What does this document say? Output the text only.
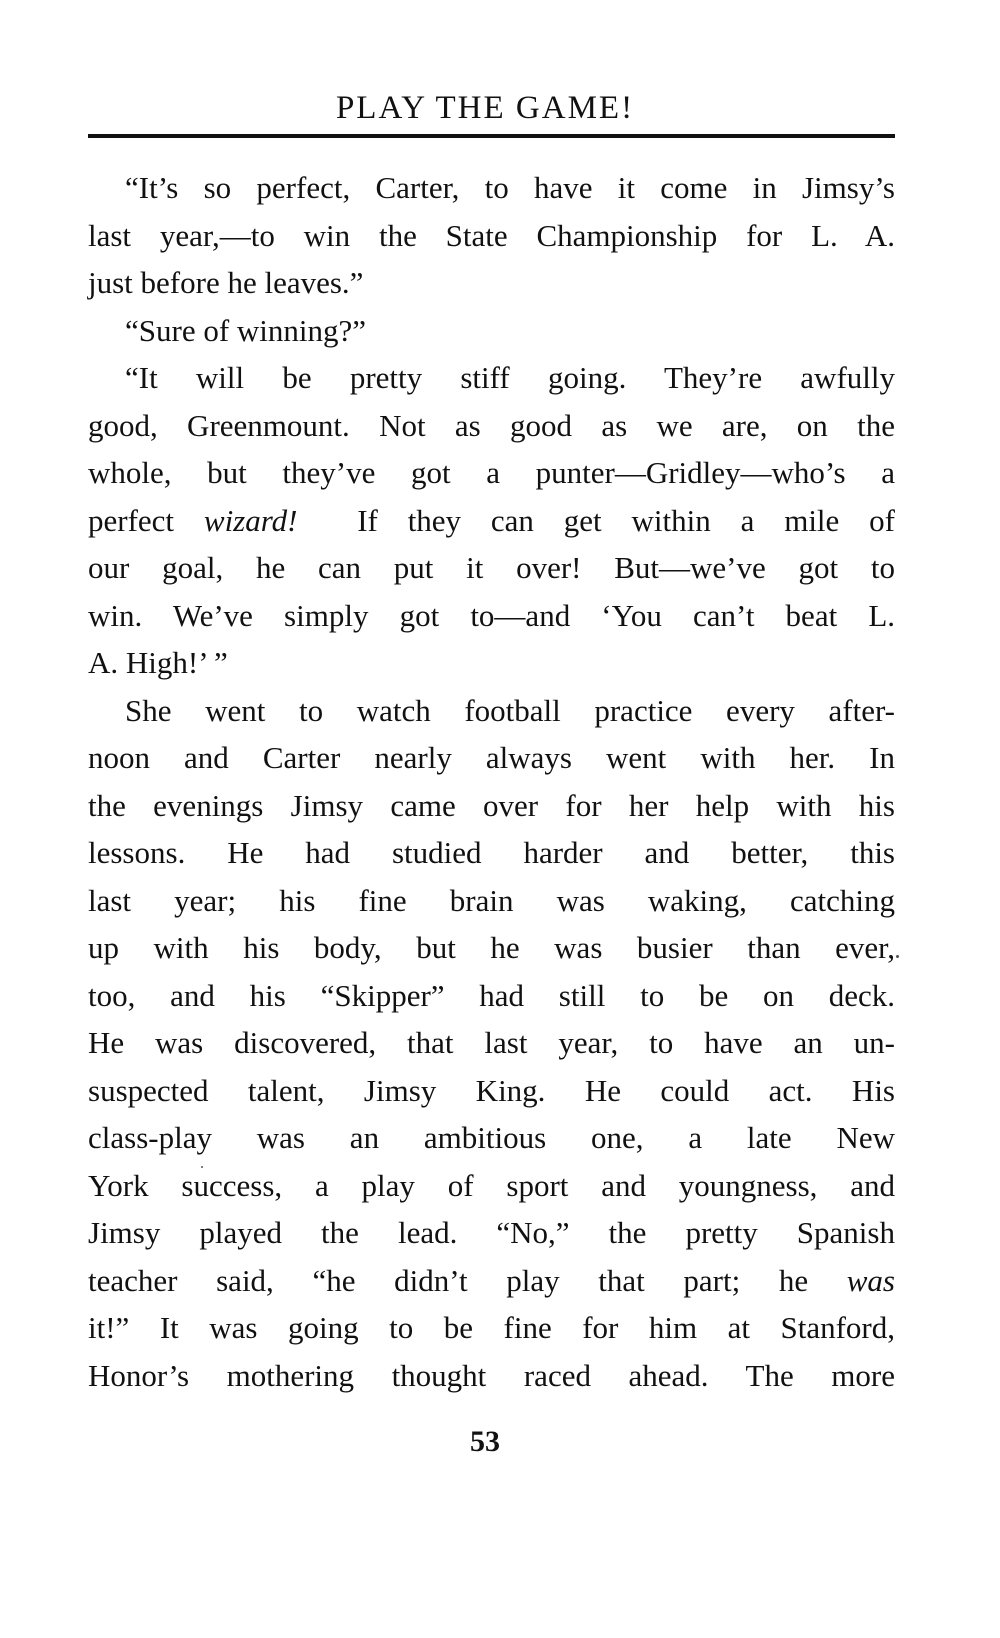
PLAY THE GAME!
“It’s so perfect, Carter, to have it come in Jimsy’s
last year,—to win the State Championship for L. A.
just before he leaves.”
“Sure of winning?”
“It will be pretty stiff going. They’re awfully
good, Greenmount. Not as good as we are, on the
whole, but they’ve got a punter—Gridley—who’s a
perfect wizard!  If they can get within a mile of
our goal, he can put it over! But—we’ve got to
win. We’ve simply got to—and ‘You can’t beat L.
A. High!’ ”
She went to watch football practice every after-
noon and Carter nearly always went with her. In
the evenings Jimsy came over for her help with his
lessons. He had studied harder and better, this
last year; his fine brain was waking, catching
up with his body, but he was busier than ever,
too, and his “Skipper” had still to be on deck.
He was discovered, that last year, to have an un-
suspected talent, Jimsy King. He could act. His
class-play was an ambitious one, a late New
York success, a play of sport and youngness, and
Jimsy played the lead. “No,” the pretty Spanish
teacher said, “he didn’t play that part; he was
it!” It was going to be fine for him at Stanford,
Honor’s mothering thought raced ahead. The more
53
